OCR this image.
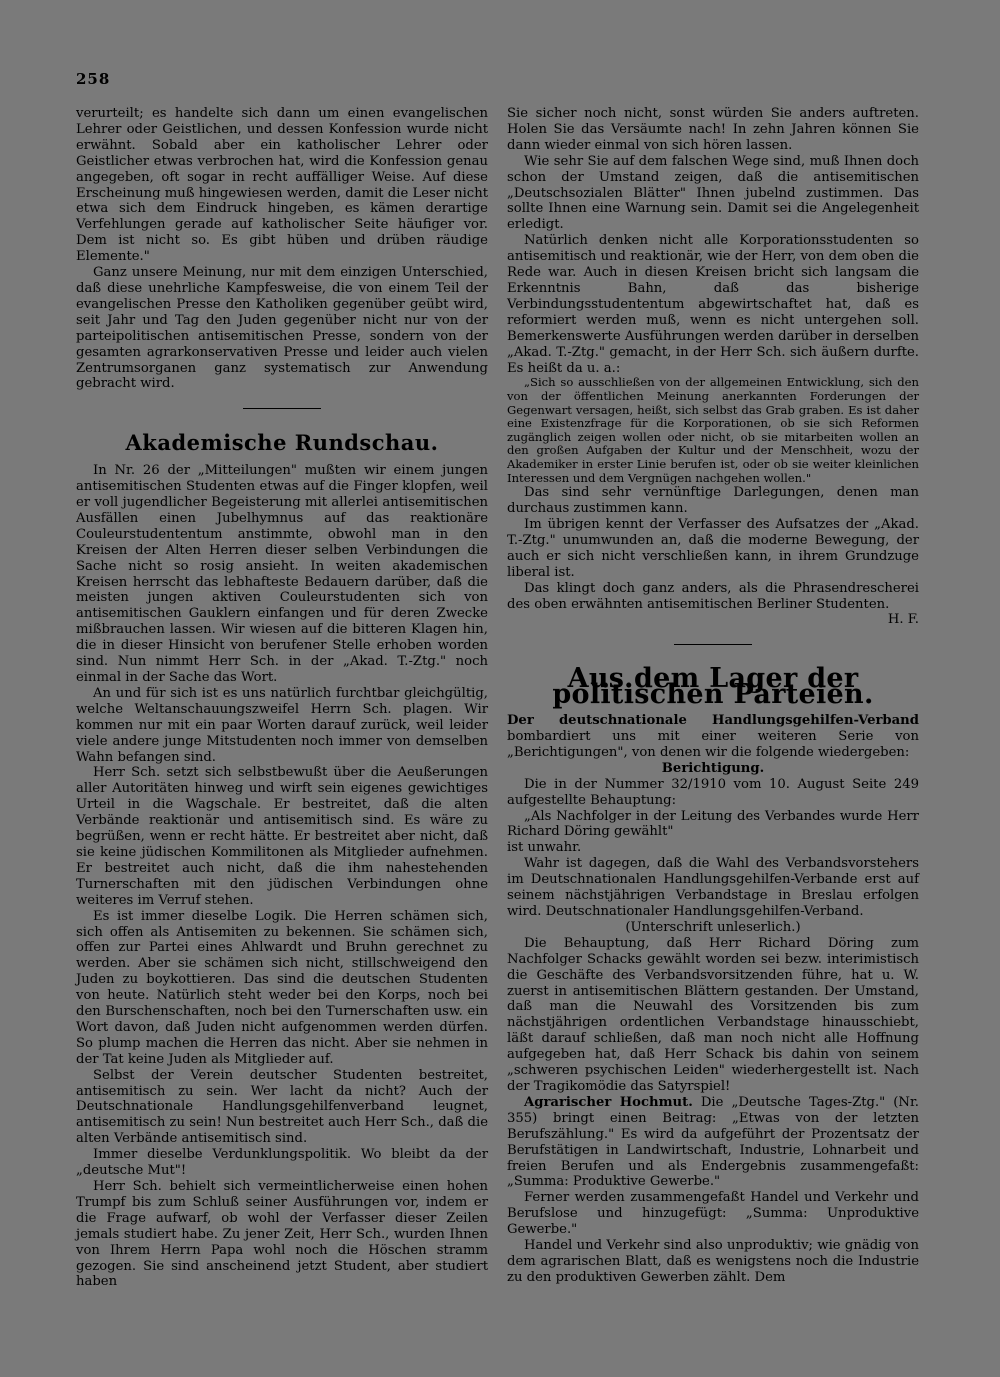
258

verurteilt; es handelte sich dann um einen evangelischen Lehrer oder Geistlichen, und dessen Konfession wurde nicht erwähnt. Sobald aber ein katholischer Lehrer oder Geistlicher etwas verbrochen hat, wird die Konfession genau angegeben, oft sogar in recht auffälliger Weise. Auf diese Erscheinung muß hingewiesen werden, damit die Leser nicht etwa sich dem Eindruck hingeben, es kämen derartige Verfehlungen gerade auf katholischer Seite häufiger vor. Dem ist nicht so. Es gibt hüben und drüben räudige Elemente."

Ganz unsere Meinung, nur mit dem einzigen Unterschied, daß diese unehrliche Kampfesweise, die von einem Teil der evangelischen Presse den Katholiken gegenüber geübt wird, seit Jahr und Tag den Juden gegenüber nicht nur von der parteipolitischen antisemitischen Presse, sondern von der gesamten agrarkonservativen Presse und leider auch vielen Zentrumsorganen ganz systematisch zur Anwendung gebracht wird.

Akademische Rundschau.

In Nr. 26 der „Mitteilungen" mußten wir einem jungen antisemitischen Studenten etwas auf die Finger klopfen, weil er voll jugendlicher Begeisterung mit allerlei antisemitischen Ausfällen einen Jubelhymnus auf das reaktionäre Couleurstudententum anstimmte, obwohl man in den Kreisen der Alten Herren dieser selben Verbindungen die Sache nicht so rosig ansieht. In weiten akademischen Kreisen herrscht das lebhafteste Bedauern darüber, daß die meisten jungen aktiven Couleurstudenten sich von antisemitischen Gauklern einfangen und für deren Zwecke mißbrauchen lassen. Wir wiesen auf die bitteren Klagen hin, die in dieser Hinsicht von berufener Stelle erhoben worden sind. Nun nimmt Herr Sch. in der „Akad. T.-Ztg." noch einmal in der Sache das Wort.

An und für sich ist es uns natürlich furchtbar gleichgültig, welche Weltanschauungszweifel Herrn Sch. plagen. Wir kommen nur mit ein paar Worten darauf zurück, weil leider viele andere junge Mitstudenten noch immer von demselben Wahn befangen sind.

Herr Sch. setzt sich selbstbewußt über die Aeußerungen aller Autoritäten hinweg und wirft sein eigenes gewichtiges Urteil in die Wagschale. Er bestreitet, daß die alten Verbände reaktionär und antisemitisch sind. Es wäre zu begrüßen, wenn er recht hätte. Er bestreitet aber nicht, daß sie keine jüdischen Kommilitonen als Mitglieder aufnehmen. Er bestreitet auch nicht, daß die ihm nahestehenden Turnerschaften mit den jüdischen Verbindungen ohne weiteres im Verruf stehen.

Es ist immer dieselbe Logik. Die Herren schämen sich, sich offen als Antisemiten zu bekennen. Sie schämen sich, offen zur Partei eines Ahlwardt und Bruhn gerechnet zu werden. Aber sie schämen sich nicht, stillschweigend den Juden zu boykottieren. Das sind die deutschen Studenten von heute. Natürlich steht weder bei den Korps, noch bei den Burschenschaften, noch bei den Turnerschaften usw. ein Wort davon, daß Juden nicht aufgenommen werden dürfen. So plump machen die Herren das nicht. Aber sie nehmen in der Tat keine Juden als Mitglieder auf.

Selbst der Verein deutscher Studenten bestreitet, antisemitisch zu sein. Wer lacht da nicht? Auch der Deutschnationale Handlungsgehilfenverband leugnet, antisemitisch zu sein! Nun bestreitet auch Herr Sch., daß die alten Verbände antisemitisch sind.

Immer dieselbe Verdunklungspolitik. Wo bleibt da der „deutsche Mut"!

Herr Sch. behielt sich vermeintlicherweise einen hohen Trumpf bis zum Schluß seiner Ausführungen vor, indem er die Frage aufwarf, ob wohl der Verfasser dieser Zeilen jemals studiert habe. Zu jener Zeit, Herr Sch., wurden Ihnen von Ihrem Herrn Papa wohl noch die Höschen stramm gezogen. Sie sind anscheinend jetzt Student, aber studiert haben

Sie sicher noch nicht, sonst würden Sie anders auftreten. Holen Sie das Versäumte nach! In zehn Jahren können Sie dann wieder einmal von sich hören lassen.

Wie sehr Sie auf dem falschen Wege sind, muß Ihnen doch schon der Umstand zeigen, daß die antisemitischen „Deutschsozialen Blätter" Ihnen jubelnd zustimmen. Das sollte Ihnen eine Warnung sein. Damit sei die Angelegenheit erledigt.

Natürlich denken nicht alle Korporationsstudenten so antisemitisch und reaktionär, wie der Herr, von dem oben die Rede war. Auch in diesen Kreisen bricht sich langsam die Erkenntnis Bahn, daß das bisherige Verbindungsstudententum abgewirtschaftet hat, daß es reformiert werden muß, wenn es nicht untergehen soll. Bemerkenswerte Ausführungen werden darüber in derselben „Akad. T.-Ztg." gemacht, in der Herr Sch. sich äußern durfte. Es heißt da u. a.:

„Sich so ausschließen von der allgemeinen Entwicklung, sich den von der öffentlichen Meinung anerkannten Forderungen der Gegenwart versagen, heißt, sich selbst das Grab graben. Es ist daher eine Existenzfrage für die Korporationen, ob sie sich Reformen zugänglich zeigen wollen oder nicht, ob sie mitarbeiten wollen an den großen Aufgaben der Kultur und der Menschheit, wozu der Akademiker in erster Linie berufen ist, oder ob sie weiter kleinlichen Interessen und dem Vergnügen nachgehen wollen."

Das sind sehr vernünftige Darlegungen, denen man durchaus zustimmen kann.

Im übrigen kennt der Verfasser des Aufsatzes der „Akad. T.-Ztg." unumwunden an, daß die moderne Bewegung, der auch er sich nicht verschließen kann, in ihrem Grundzuge liberal ist.

Das klingt doch ganz anders, als die Phrasendrescherei des oben erwähnten antisemitischen Berliner Studenten.

H. F.

Aus dem Lager der politischen Parteien.

Der deutschnationale Handlungsgehilfen-Verband bombardiert uns mit einer weiteren Serie von „Berichtigungen", von denen wir die folgende wiedergeben:

Berichtigung.

Die in der Nummer 32/1910 vom 10. August Seite 249 aufgestellte Behauptung:

„Als Nachfolger in der Leitung des Verbandes wurde Herr Richard Döring gewählt"

ist unwahr.

Wahr ist dagegen, daß die Wahl des Verbandsvorstehers im Deutschnationalen Handlungsgehilfen-Verbande erst auf seinem nächstjährigen Verbandstage in Breslau erfolgen wird. Deutschnationaler Handlungsgehilfen-Verband.

(Unterschrift unleserlich.)

Die Behauptung, daß Herr Richard Döring zum Nachfolger Schacks gewählt worden sei bezw. interimistisch die Geschäfte des Verbandsvorsitzenden führe, hat u. W. zuerst in antisemitischen Blättern gestanden. Der Umstand, daß man die Neuwahl des Vorsitzenden bis zum nächstjährigen ordentlichen Verbandstage hinausschiebt, läßt darauf schließen, daß man noch nicht alle Hoffnung aufgegeben hat, daß Herr Schack bis dahin von seinem „schweren psychischen Leiden" wiederhergestellt ist. Nach der Tragikomödie das Satyrspiel!

Agrarischer Hochmut. Die „Deutsche Tages-Ztg." (Nr. 355) bringt einen Beitrag: „Etwas von der letzten Berufszählung." Es wird da aufgeführt der Prozentsatz der Berufstätigen in Landwirtschaft, Industrie, Lohnarbeit und freien Berufen und als Endergebnis zusammengefaßt: „Summa: Produktive Gewerbe."

Ferner werden zusammengefaßt Handel und Verkehr und Berufslose und hinzugefügt: „Summa: Unproduktive Gewerbe."

Handel und Verkehr sind also unproduktiv; wie gnädig von dem agrarischen Blatt, daß es wenigstens noch die Industrie zu den produktiven Gewerben zählt. Dem
